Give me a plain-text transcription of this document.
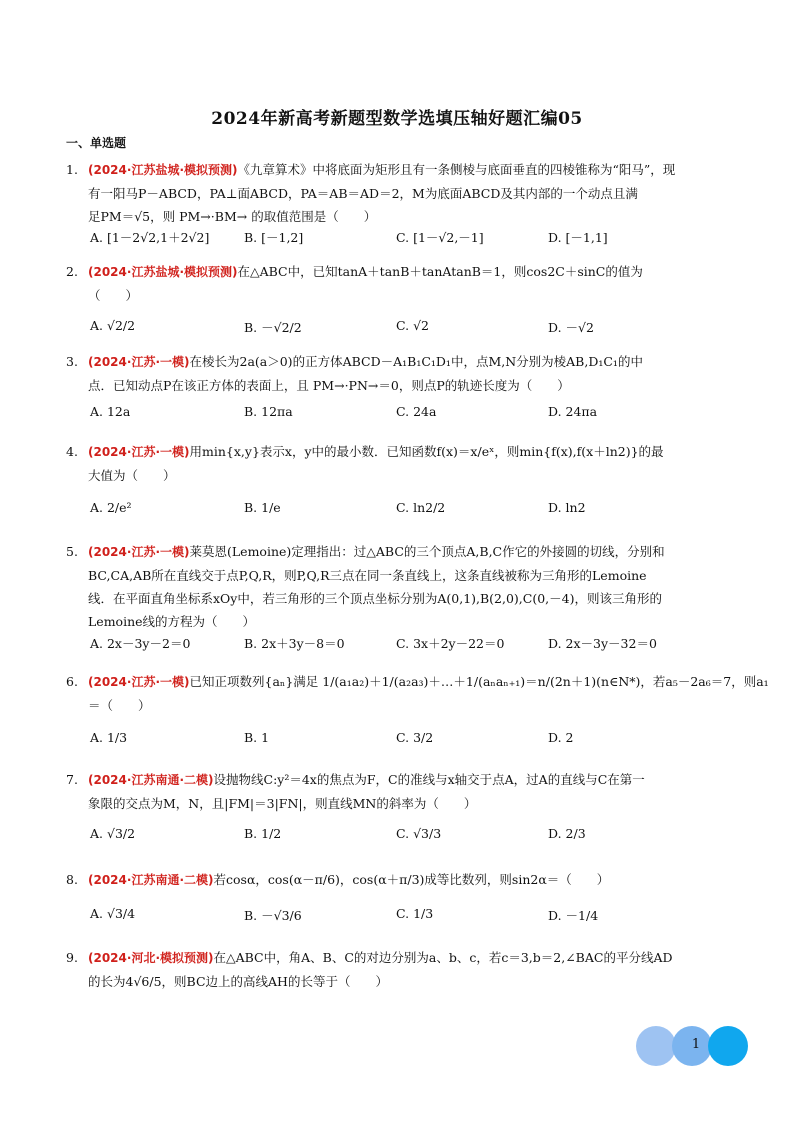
2024年新高考新题型数学选填压轴好题汇编05
一、单选题
1. (2024·江苏盐城·模拟预测)《九章算术》中将底面为矩形且有一条侧棱与底面垂直的四棱锥称为“阳马”，现
有一阳马P－ABCD，PA⊥面ABCD，PA＝AB＝AD＝2，M为底面ABCD及其内部的一个动点且满
足PM＝√5，则 PM→·BM→ 的取值范围是（　　）
A. [1－2√2,1＋2√2]	B. [－1,2]	C. [1－√2,－1]	D. [－1,1]
2. (2024·江苏盐城·模拟预测)在△ABC中，已知tanA＋tanB＋tanAtanB＝1，则cos2C＋sinC的值为
（　　）
A. √2/2	B. －√2/2	C. √2	D. －√2
3. (2024·江苏·一模)在棱长为2a(a＞0)的正方体ABCD－A₁B₁C₁D₁中，点M,N分别为棱AB,D₁C₁的中
点．已知动点P在该正方体的表面上，且 PM→·PN→＝0，则点P的轨迹长度为（　　）
A. 12a	B. 12πa	C. 24a	D. 24πa
4. (2024·江苏·一模)用min{x,y}表示x，y中的最小数．已知函数f(x)＝x/eˣ，则min{f(x),f(x＋ln2)}的最
大值为（　　）
A. 2/e²	B. 1/e	C. ln2/2	D. ln2
5. (2024·江苏·一模)莱莫恩(Lemoine)定理指出：过△ABC的三个顶点A,B,C作它的外接圆的切线，分别和
BC,CA,AB所在直线交于点P,Q,R，则P,Q,R三点在同一条直线上，这条直线被称为三角形的Lemoine
线．在平面直角坐标系xOy中，若三角形的三个顶点坐标分别为A(0,1),B(2,0),C(0,－4)，则该三角形的
Lemoine线的方程为（　　）
A. 2x－3y－2＝0	B. 2x＋3y－8＝0	C. 3x＋2y－22＝0	D. 2x－3y－32＝0
6. (2024·江苏·一模)已知正项数列{aₙ}满足 1/(a₁a₂)＋1/(a₂a₃)＋…＋1/(aₙaₙ₊₁)＝n/(2n＋1)(n∈N*)，若a₅－2a₆＝7，则a₁
＝（　　）
A. 1/3	B. 1	C. 3/2	D. 2
7. (2024·江苏南通·二模)设抛物线C:y²＝4x的焦点为F，C的准线与x轴交于点A，过A的直线与C在第一
象限的交点为M，N，且|FM|＝3|FN|，则直线MN的斜率为（　　）
A. √3/2	B. 1/2	C. √3/3	D. 2/3
8. (2024·江苏南通·二模)若cosα，cos(α－π/6)，cos(α＋π/3)成等比数列，则sin2α＝（　　）
A. √3/4	B. －√3/6	C. 1/3	D. －1/4
9. (2024·河北·模拟预测)在△ABC中，角A、B、C的对边分别为a、b、c，若c＝3,b＝2,∠BAC的平分线AD
的长为4√6/5，则BC边上的高线AH的长等于（　　）
1
